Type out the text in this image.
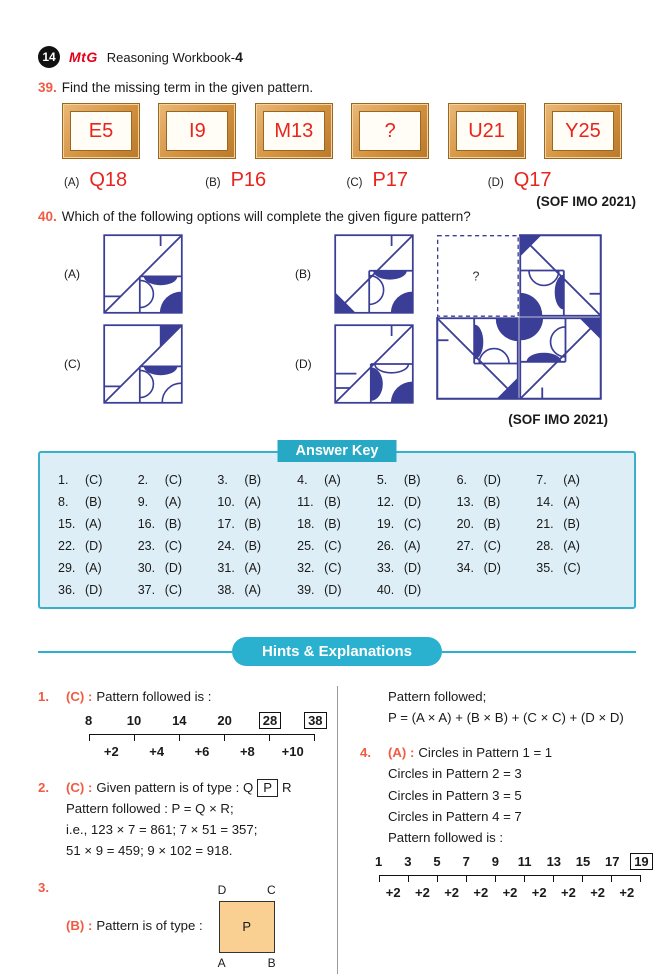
14 MtG Reasoning Workbook-4

39. Find the missing term in the given pattern.

E5	I9	M13	?	U21	Y25
(A) Q18	(B) P16	(C) P17	(D) Q17
(SOF IMO 2021)

40. Which of the following options will complete the given figure pattern?

(A)
(C)
(B)
(D)
?
(SOF IMO 2021)
Answer Key
1.	(C)	2.	(C)	3.	(B)	4.	(A)	5.	(B)	6.	(D)	7.	(A)
8.	(B)	9.	(A)	10. (A)	11. (B)	12. (D)	13. (B)	14. (A)
15. (A)	16. (B)	17. (B)	18. (B)	19. (C)	20. (B)	21. (B)
22. (D)	23. (C)	24. (B)	25. (C)	26. (A)	27. (C)	28. (A)
29. (A)	30. (D)	31. (A)	32. (C)	33. (D)	34. (D)	35. (C)
36. (D)	37. (C)	38. (A)	39. (D)	40. (D)
Hints & Explanations
1. (C) : Pattern followed is :
8	10	14	20	28	38
+2	+4	+6	+8	+10
2. (C) : Given pattern is of type : Q P R
Pattern followed : P = Q × R;
i.e., 123 × 7 = 861; 7 × 51 = 357;
51 × 9 = 459; 9 × 102 = 918.
3.
(B) : Pattern is of type :
D	C
P
A	B
Pattern followed;
P = (A × A) + (B × B) + (C × C) + (D × D)
4. (A) : Circles in Pattern 1 = 1
Circles in Pattern 2 = 3
Circles in Pattern 3 = 5
Circles in Pattern 4 = 7
Pattern followed is :
1	3	5	7	9	11	13	15	17	19
+2	+2	+2	+2	+2	+2	+2	+2	+2
